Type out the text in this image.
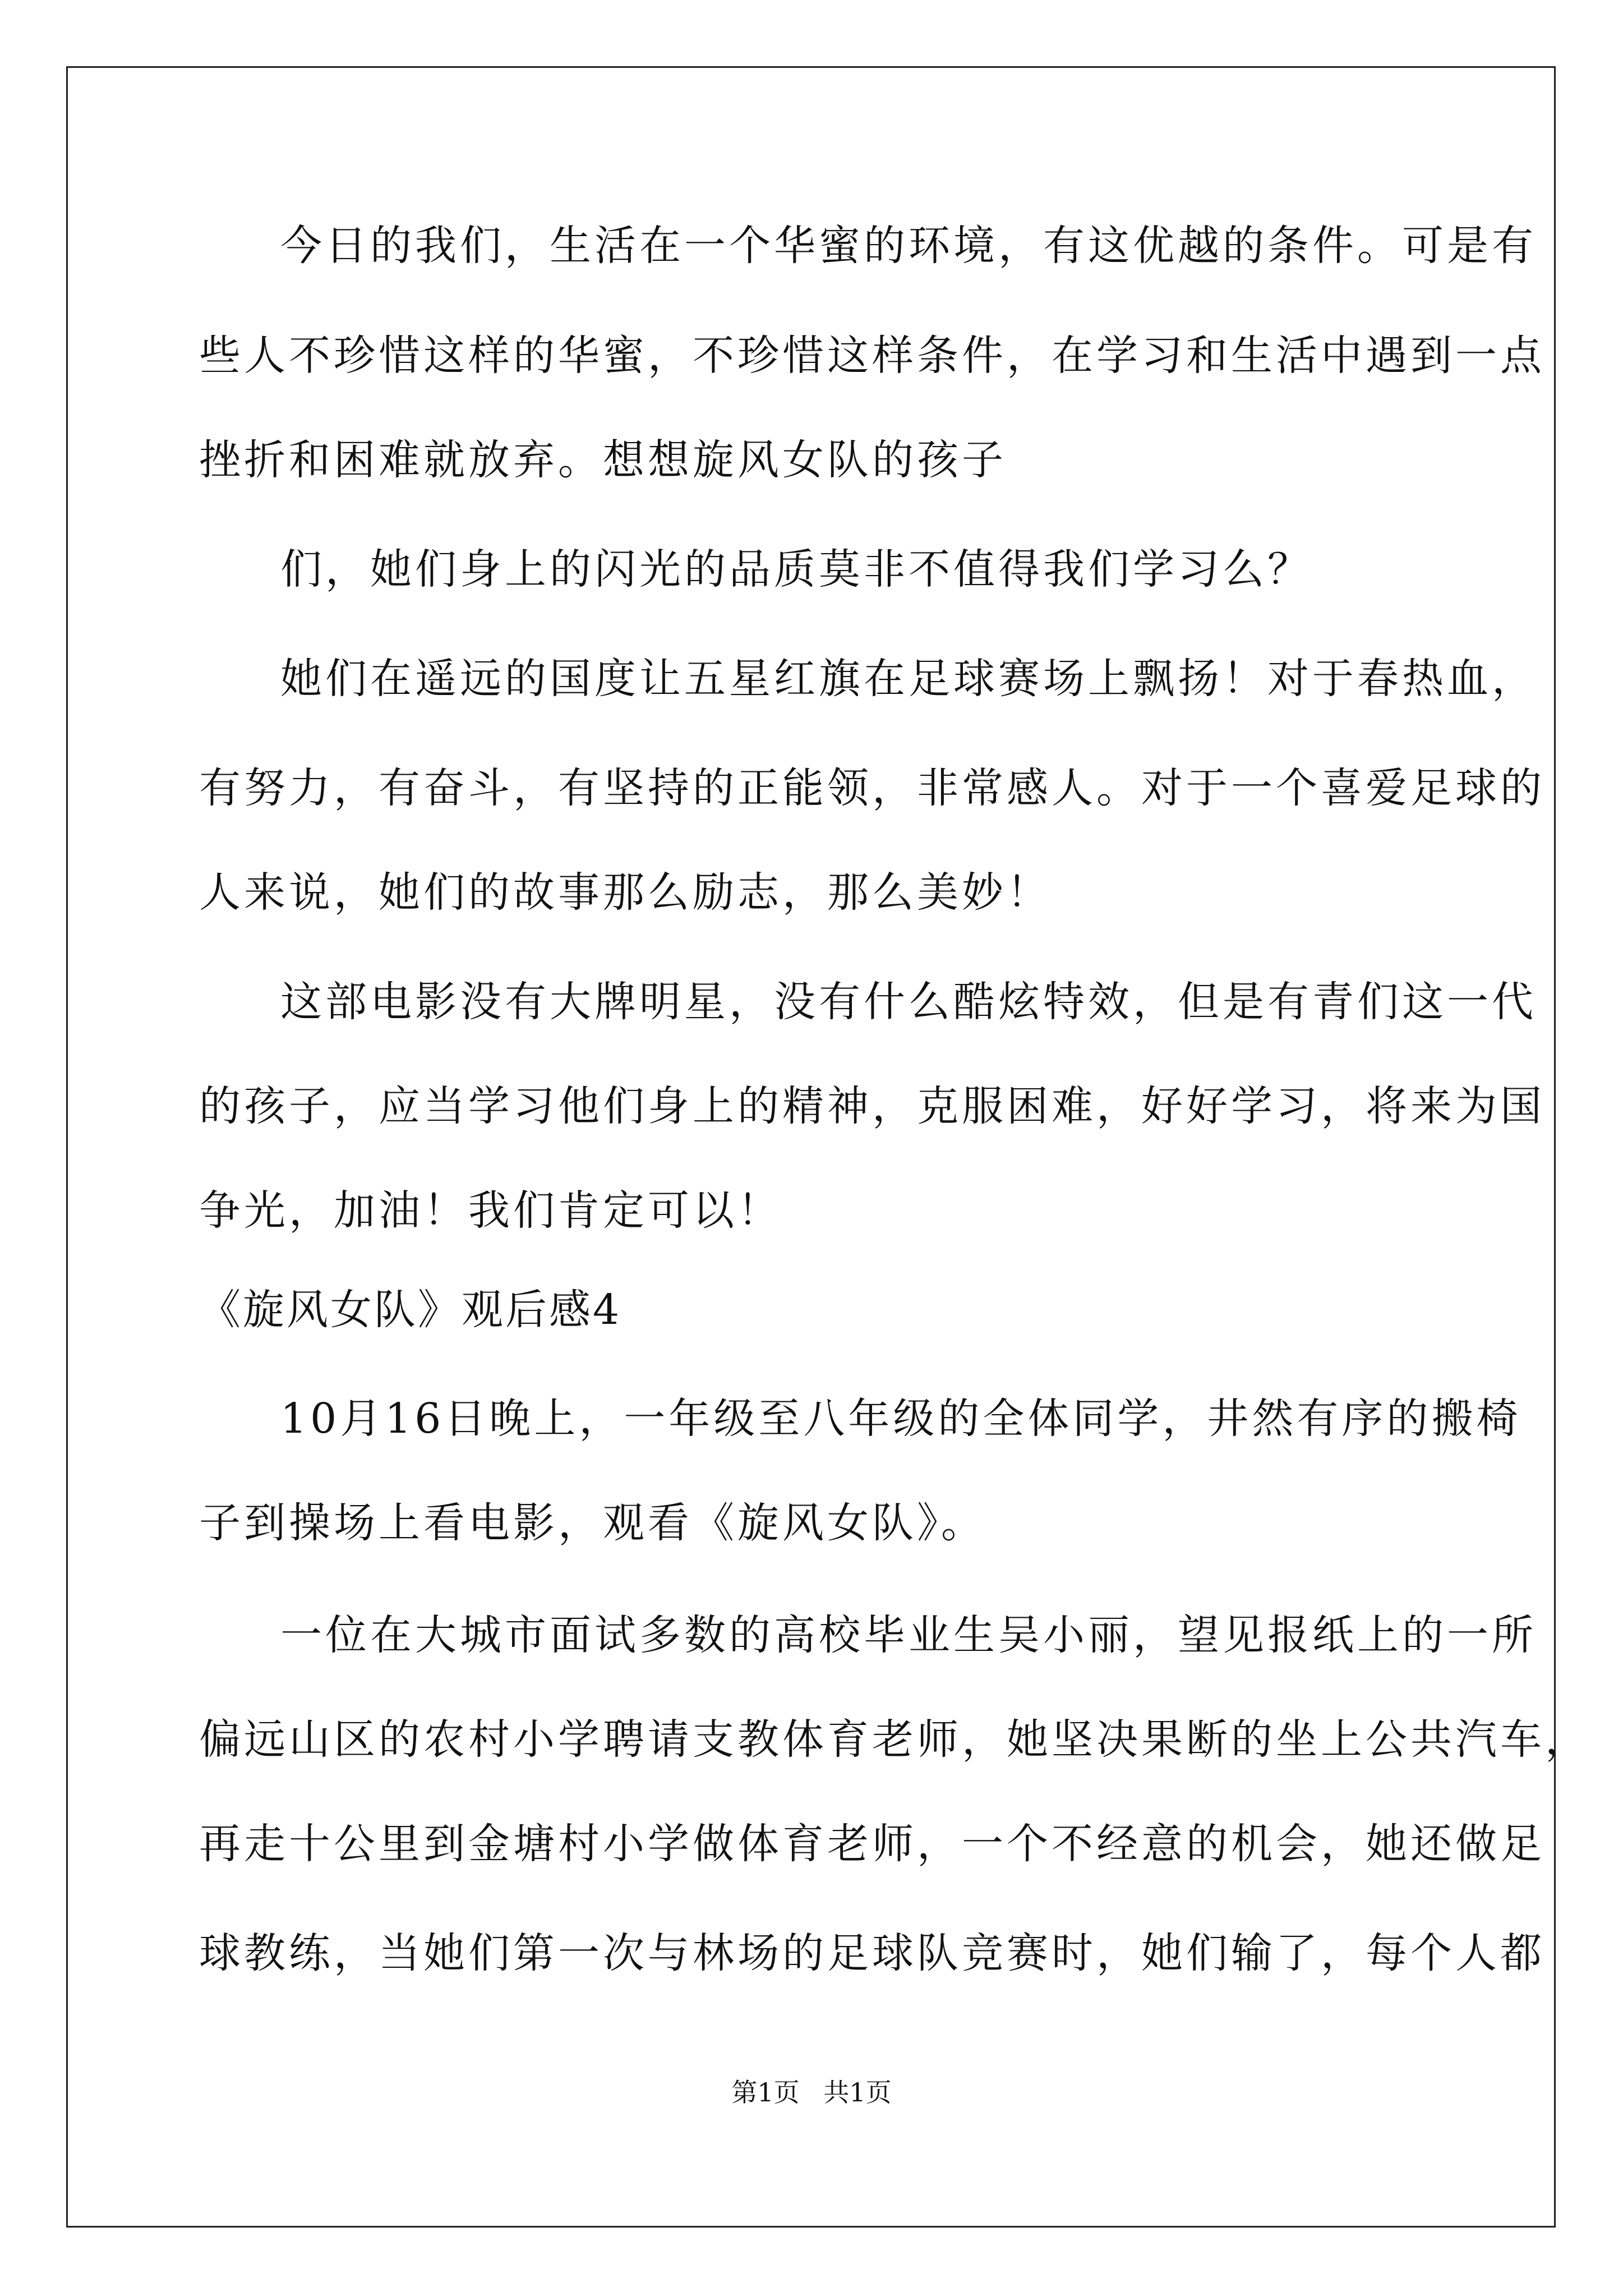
今日的我们，生活在一个华蜜的环境，有这优越的条件。可是有
些人不珍惜这样的华蜜，不珍惜这样条件，在学习和生活中遇到一点
挫折和困难就放弃。想想旋风女队的孩子
们，她们身上的闪光的品质莫非不值得我们学习么？
她们在遥远的国度让五星红旗在足球赛场上飘扬！对于春热血，
有努力，有奋斗，有坚持的正能领，非常感人。对于一个喜爱足球的
人来说，她们的故事那么励志，那么美妙！
这部电影没有大牌明星，没有什么酷炫特效，但是有青们这一代
的孩子，应当学习他们身上的精神，克服困难，好好学习，将来为国
争光，加油！我们肯定可以！
《旋风女队》观后感4
10月16日晚上，一年级至八年级的全体同学，井然有序的搬椅
子到操场上看电影，观看《旋风女队》。
一位在大城市面试多数的高校毕业生吴小丽，望见报纸上的一所
偏远山区的农村小学聘请支教体育老师，她坚决果断的坐上公共汽车，
再走十公里到金塘村小学做体育老师，一个不经意的机会，她还做足
球教练，当她们第一次与林场的足球队竞赛时，她们输了，每个人都
第1页 共1页
